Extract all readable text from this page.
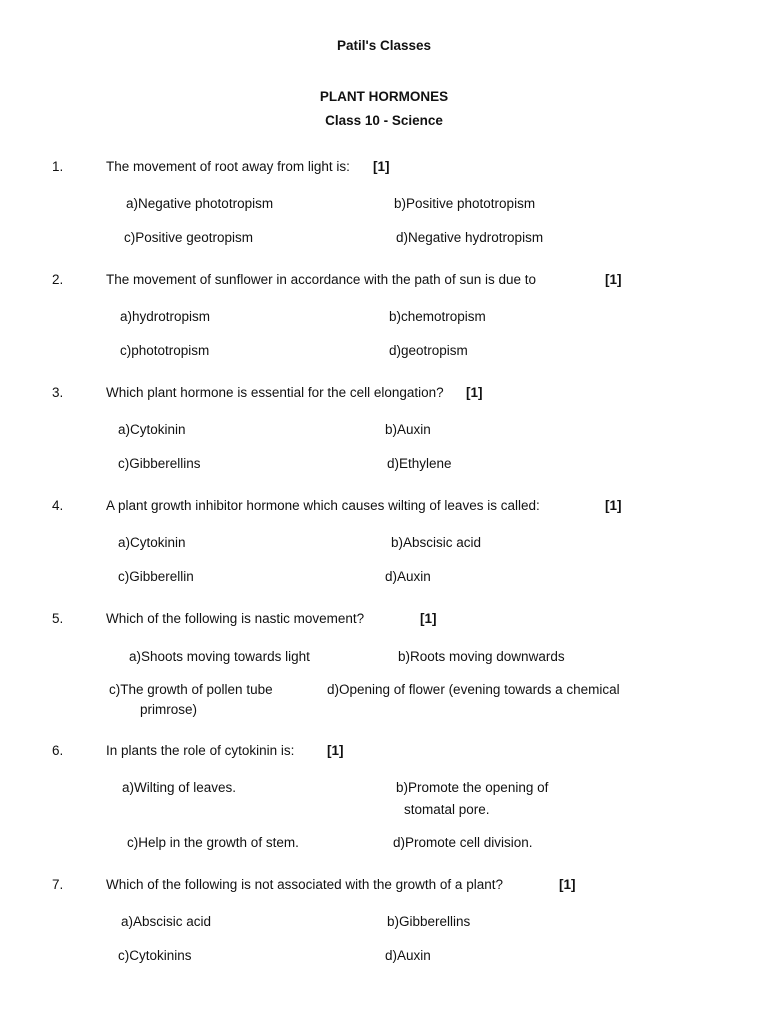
Patil's Classes
PLANT HORMONES
Class 10 - Science
1.	The movement of root away from light is: [1]
a)Negative phototropism	b)Positive phototropism
c)Positive geotropism	d)Negative hydrotropism
2.	The movement of sunflower in accordance with the path of sun is due to	[1]
a)hydrotropism	b)chemotropism
c)phototropism	d)geotropism
3.	Which plant hormone is essential for the cell elongation? [1]
a)Cytokinin	b)Auxin
c)Gibberellins	d)Ethylene
4.	A plant growth inhibitor hormone which causes wilting of leaves is called:	[1]
a)Cytokinin	b)Abscisic acid
c)Gibberellin	d)Auxin
5.	Which of the following is nastic movement?	[1]
a)Shoots moving towards light	b)Roots moving downwards
c)The growth of pollen tube	d)Opening of flower (evening towards a chemical
primrose)
6.	In plants the role of cytokinin is: [1]
a)Wilting of leaves.	b)Promote the opening of
stomatal pore.
c)Help in the growth of stem.	d)Promote cell division.
7.	Which of the following is not associated with the growth of a plant?	[1]
a)Abscisic acid	b)Gibberellins
c)Cytokinins	d)Auxin
